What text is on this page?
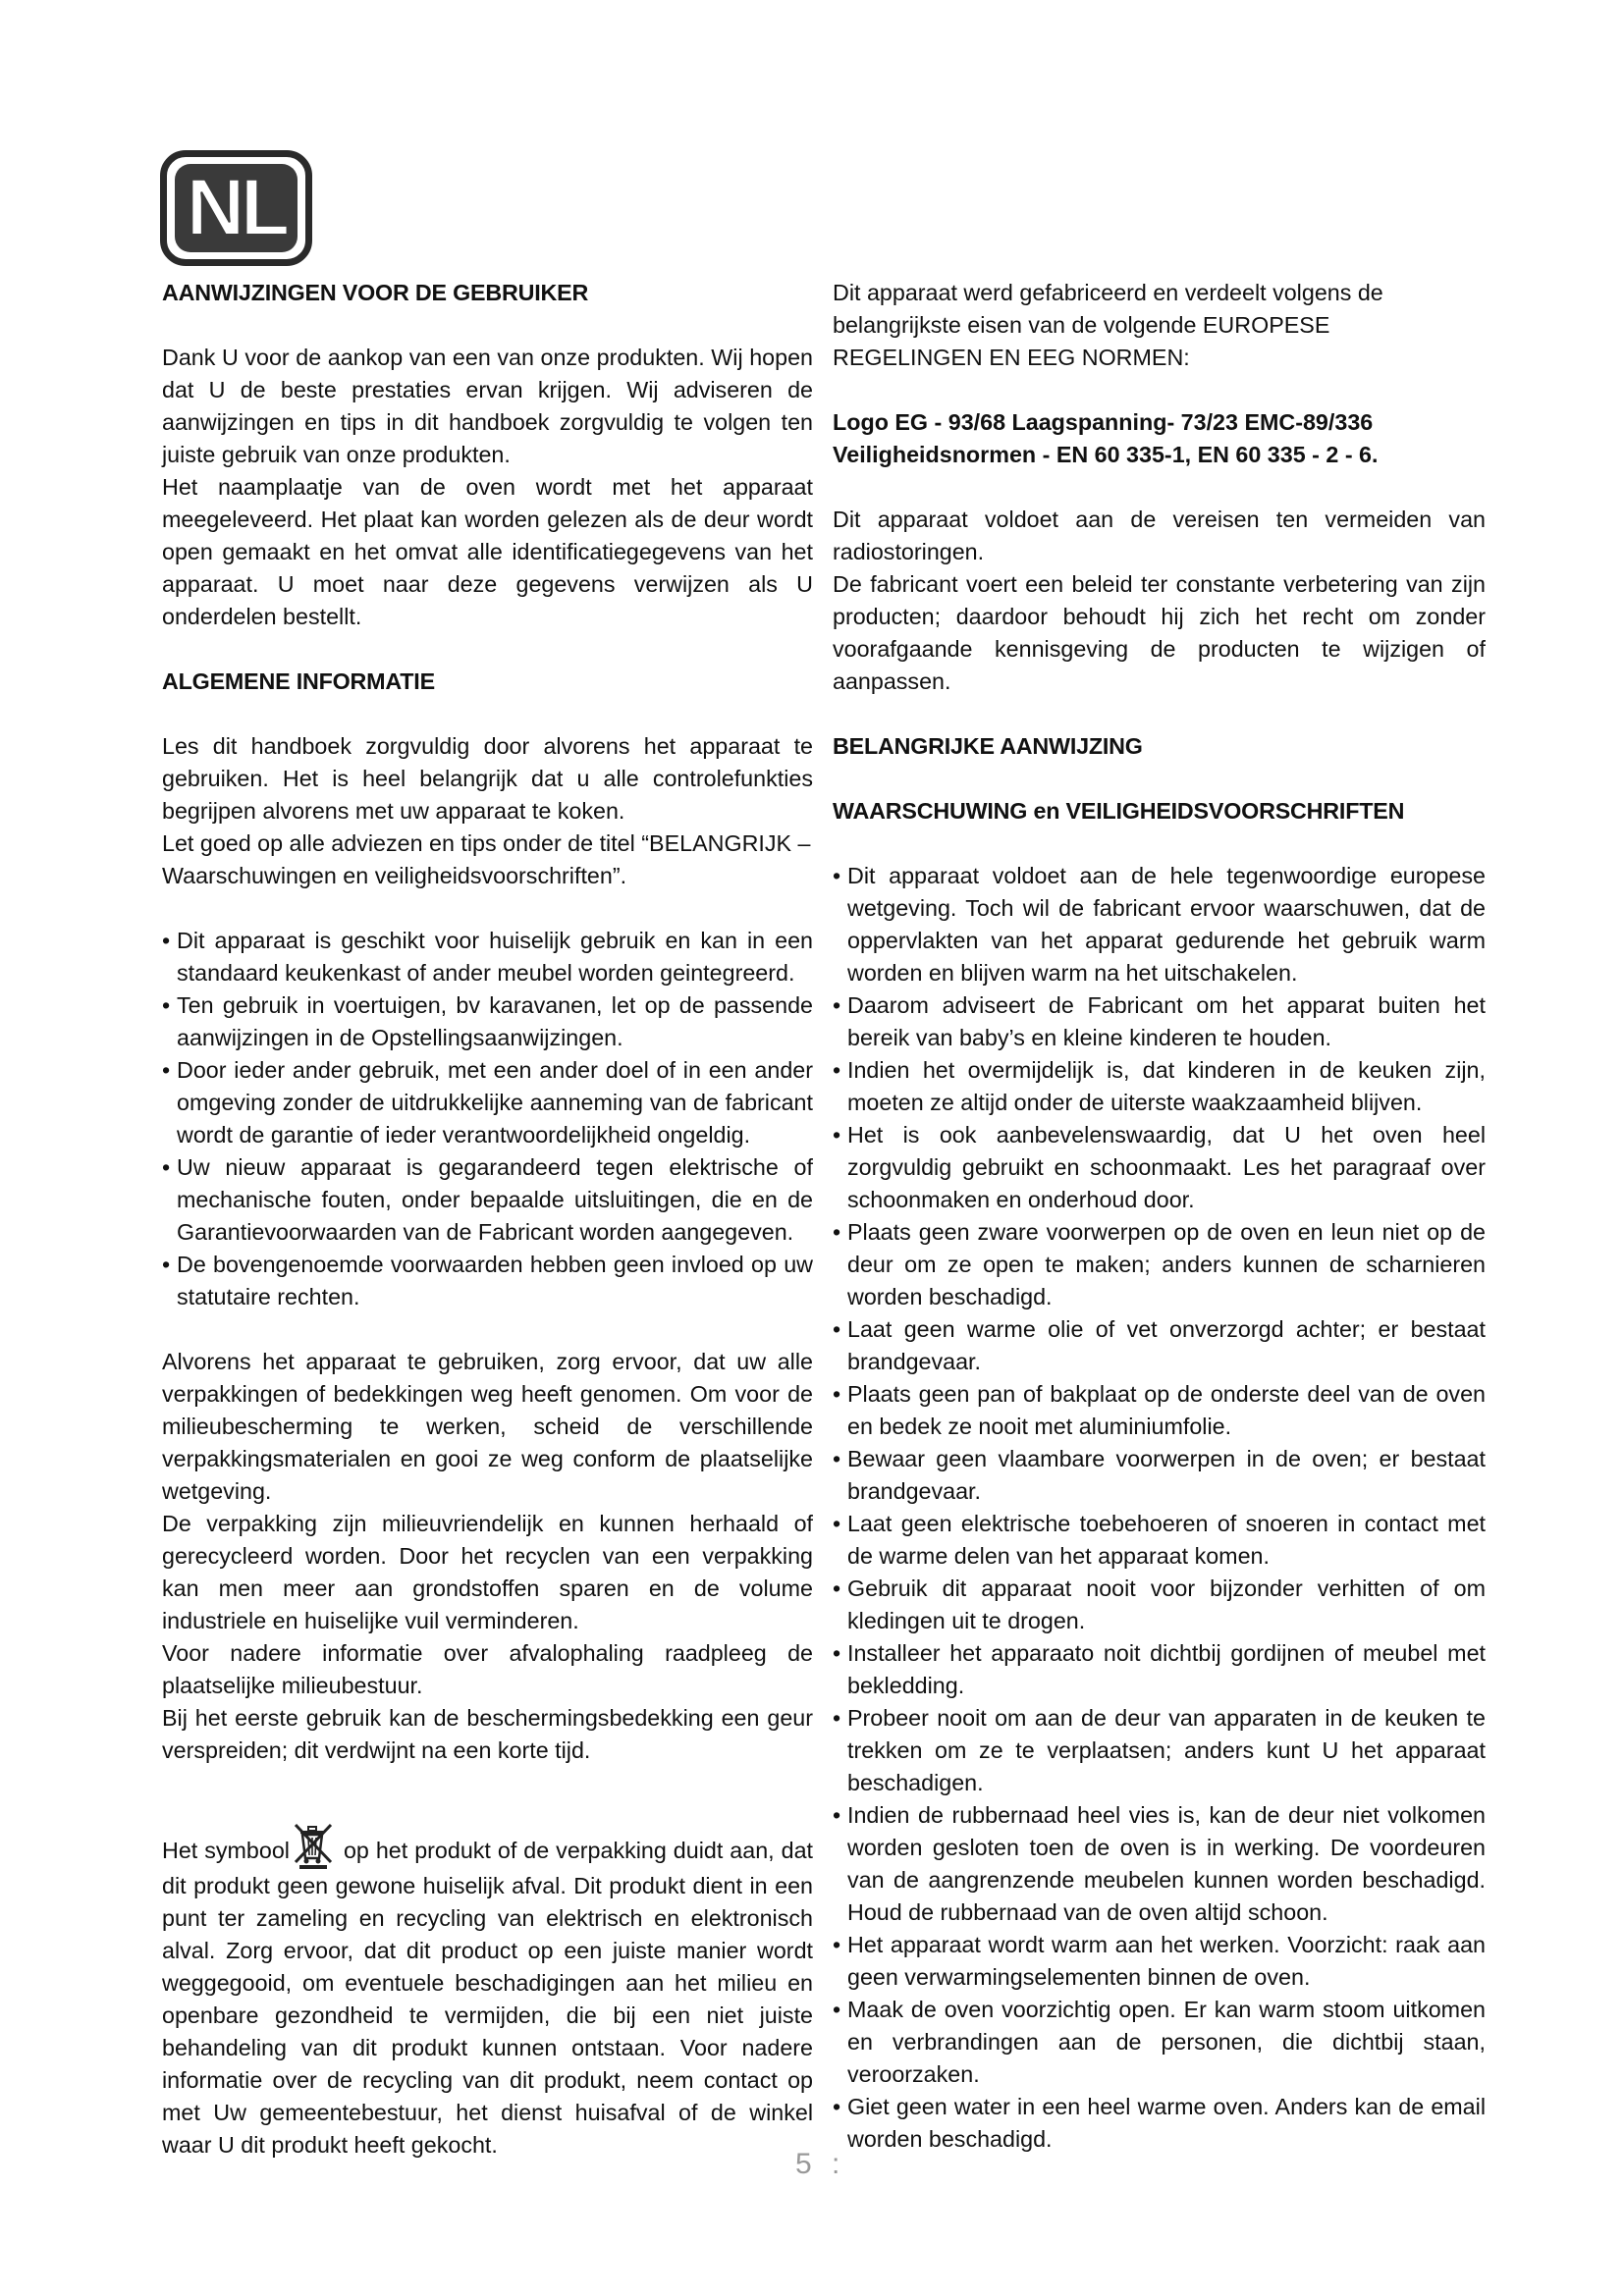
NL
AANWIJZINGEN VOOR DE GEBRUIKER

Dank U voor de aankop van een van onze produkten. Wij hopen dat U de beste prestaties ervan krijgen. Wij adviseren de aanwijzingen en tips in dit handboek zorgvuldig te volgen ten juiste gebruik van onze produkten.

Het naamplaatje van de oven wordt met het apparaat meegeleveerd. Het plaat kan worden gelezen als de deur wordt open gemaakt en het omvat alle identificatiegegevens van het apparaat. U moet naar deze gegevens verwijzen als U onderdelen bestellt.

ALGEMENE INFORMATIE

Les dit handboek zorgvuldig door alvorens het apparaat te gebruiken. Het is heel belangrijk dat u alle controlefunkties begrijpen alvorens met uw apparaat te koken.

Let goed op alle adviezen en tips onder de titel “BELANGRIJK – Waarschuwingen en veiligheidsvoorschriften”.

• Dit apparaat is geschikt voor huiselijk gebruik en kan in een standaard keukenkast of ander meubel worden geintegreerd.
• Ten gebruik in voertuigen, bv karavanen, let op de passende aanwijzingen in de Opstellingsaanwijzingen.
• Door ieder ander gebruik, met een ander doel of in een ander omgeving zonder de uitdrukkelijke aanneming van de fabricant wordt de garantie of ieder verantwoordelijkheid ongeldig.
• Uw nieuw apparaat is gegarandeerd tegen elektrische of mechanische fouten, onder bepaalde uitsluitingen, die en de Garantievoorwaarden van de Fabricant worden aangegeven.
• De bovengenoemde voorwaarden hebben geen invloed op uw statutaire rechten.

Alvorens het apparaat te gebruiken, zorg ervoor, dat uw alle verpakkingen of bedekkingen weg heeft genomen. Om voor de milieubescherming te werken, scheid de verschillende verpakkingsmaterialen en gooi ze weg conform de plaatselijke wetgeving.

De verpakking zijn milieuvriendelijk en kunnen herhaald of gerecycleerd worden. Door het recyclen van een verpakking kan men meer aan grondstoffen sparen en de volume industriele en huiselijke vuil verminderen.

Voor nadere informatie over afvalophaling raadpleeg de plaatselijke milieubestuur.

Bij het eerste gebruik kan de beschermingsbedekking een geur verspreiden; dit verdwijnt na een korte tijd.

Het symbool op het produkt of de verpakking duidt aan, dat dit produkt geen gewone huiselijk afval. Dit produkt dient in een punt ter zameling en recycling van elektrisch en elektronisch alval. Zorg ervoor, dat dit product op een juiste manier wordt weggegooid, om eventuele beschadigingen aan het milieu en openbare gezondheid te vermijden, die bij een niet juiste behandeling van dit produkt kunnen ontstaan. Voor nadere informatie over de recycling van dit produkt, neem contact op met Uw gemeentebestuur, het dienst huisafval of de winkel waar U dit produkt heeft gekocht.

Dit apparaat werd gefabriceerd en verdeelt volgens de belangrijkste eisen van de volgende EUROPESE REGELINGEN EN EEG NORMEN:

Logo EG - 93/68 Laagspanning- 73/23 EMC-89/336

Veiligheidsnormen - EN 60 335-1, EN 60 335 - 2 - 6.

Dit apparaat voldoet aan de vereisen ten vermeiden van radiostoringen.

De fabricant voert een beleid ter constante verbetering van zijn producten; daardoor behoudt hij zich het recht om zonder voorafgaande kennisgeving de producten te wijzigen of aanpassen.

BELANGRIJKE AANWIJZING
WAARSCHUWING en VEILIGHEIDSVOORSCHRIFTEN
• Dit apparaat voldoet aan de hele tegenwoordige europese wetgeving. Toch wil de fabricant ervoor waarschuwen, dat de oppervlakten van het apparat gedurende het gebruik warm worden en blijven warm na het uitschakelen.
• Daarom adviseert de Fabricant om het apparat buiten het bereik van baby’s en kleine kinderen te houden.
• Indien het overmijdelijk is, dat kinderen in de keuken zijn, moeten ze altijd onder de uiterste waakzaamheid blijven.
• Het is ook aanbevelenswaardig, dat U het oven heel zorgvuldig gebruikt en schoonmaakt. Les het paragraaf over schoonmaken en onderhoud door.
• Plaats geen zware voorwerpen op de oven en leun niet op de deur om ze open te maken; anders kunnen de scharnieren worden beschadigd.
• Laat geen warme olie of vet onverzorgd achter; er bestaat brandgevaar.
• Plaats geen pan of bakplaat op de onderste deel van de oven en bedek ze nooit met aluminiumfolie.
• Bewaar geen vlaambare voorwerpen in de oven; er bestaat brandgevaar.
• Laat geen elektrische toebehoeren of snoeren in contact met de warme delen van het apparaat komen.
• Gebruik dit apparaat nooit voor bijzonder verhitten of om kledingen uit te drogen.
• Installeer het apparaato noit dichtbij gordijnen of meubel met bekledding.
• Probeer nooit om aan de deur van apparaten in de keuken te trekken om ze te verplaatsen; anders kunt U het apparaat beschadigen.
• Indien de rubbernaad heel vies is, kan de deur niet volkomen worden gesloten toen de oven is in werking. De voordeuren van de aangrenzende meubelen kunnen worden beschadigd. Houd de rubbernaad van de oven altijd schoon.
• Het apparaat wordt warm aan het werken. Voorzicht: raak aan geen verwarmingselementen binnen de oven.
• Maak de oven voorzichtig open. Er kan warm stoom uitkomen en verbrandingen aan de personen, die dichtbij staan, veroorzaken.
• Giet geen water in een heel warme oven. Anders kan de email worden beschadigd.
5 :
